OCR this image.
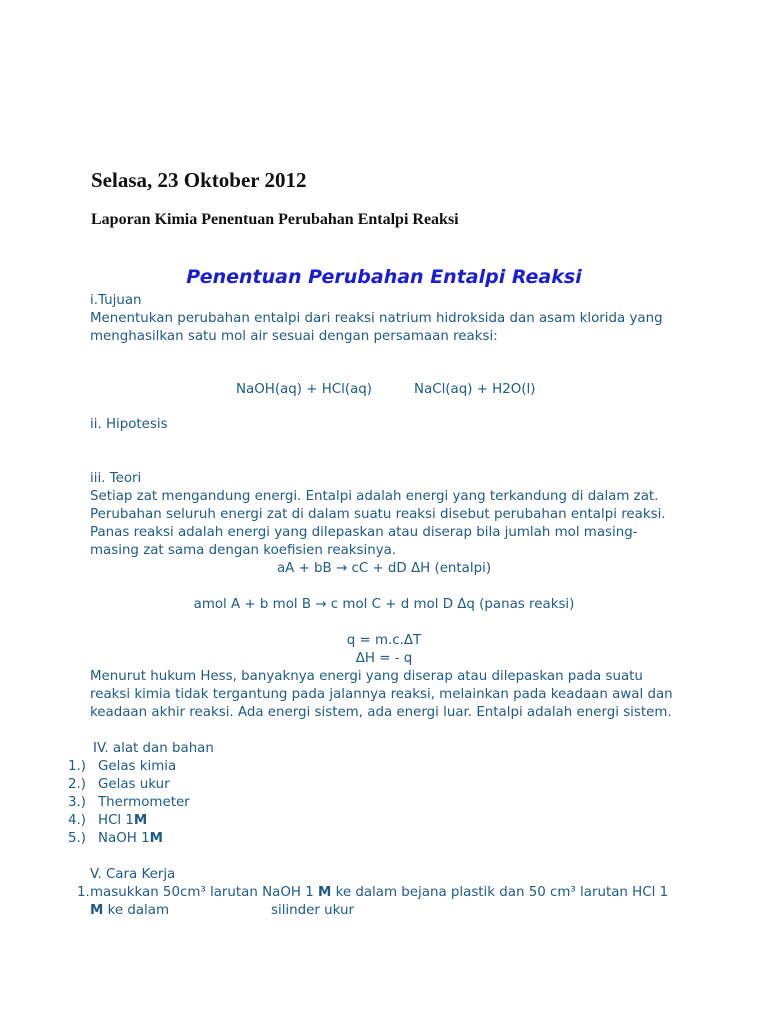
Selasa, 23 Oktober 2012
Laporan Kimia Penentuan Perubahan Entalpi Reaksi
Penentuan Perubahan Entalpi Reaksi
i.Tujuan
Menentukan perubahan entalpi dari reaksi natrium hidroksida dan asam klorida yang
menghasilkan satu mol air sesuai dengan persamaan reaksi:
NaOH(aq) + HCl(aq)	NaCl(aq) + H2O(l)
ii. Hipotesis
iii. Teori
Setiap zat mengandung energi. Entalpi adalah energi yang terkandung di dalam zat.
Perubahan seluruh energi zat di dalam suatu reaksi disebut perubahan entalpi reaksi.
Panas reaksi adalah energi yang dilepaskan atau diserap bila jumlah mol masing-
masing zat sama dengan koefisien reaksinya.
aA + bB → cC + dD ΔH (entalpi)
amol A + b mol B → c mol C + d mol D Δq (panas reaksi)
q = m.c.ΔT
ΔH = - q
Menurut hukum Hess, banyaknya energi yang diserap atau dilepaskan pada suatu
reaksi kimia tidak tergantung pada jalannya reaksi, melainkan pada keadaan awal dan
keadaan akhir reaksi. Ada energi sistem, ada energi luar. Entalpi adalah energi sistem.
IV. alat dan bahan
1.) Gelas kimia
2.) Gelas ukur
3.) Thermometer
4.) HCl 1M
5.) NaOH 1M
V. Cara Kerja
1.masukkan 50cm³ larutan NaOH 1 M ke dalam bejana plastik dan 50 cm³ larutan HCl 1
M ke dalam	silinder ukur
